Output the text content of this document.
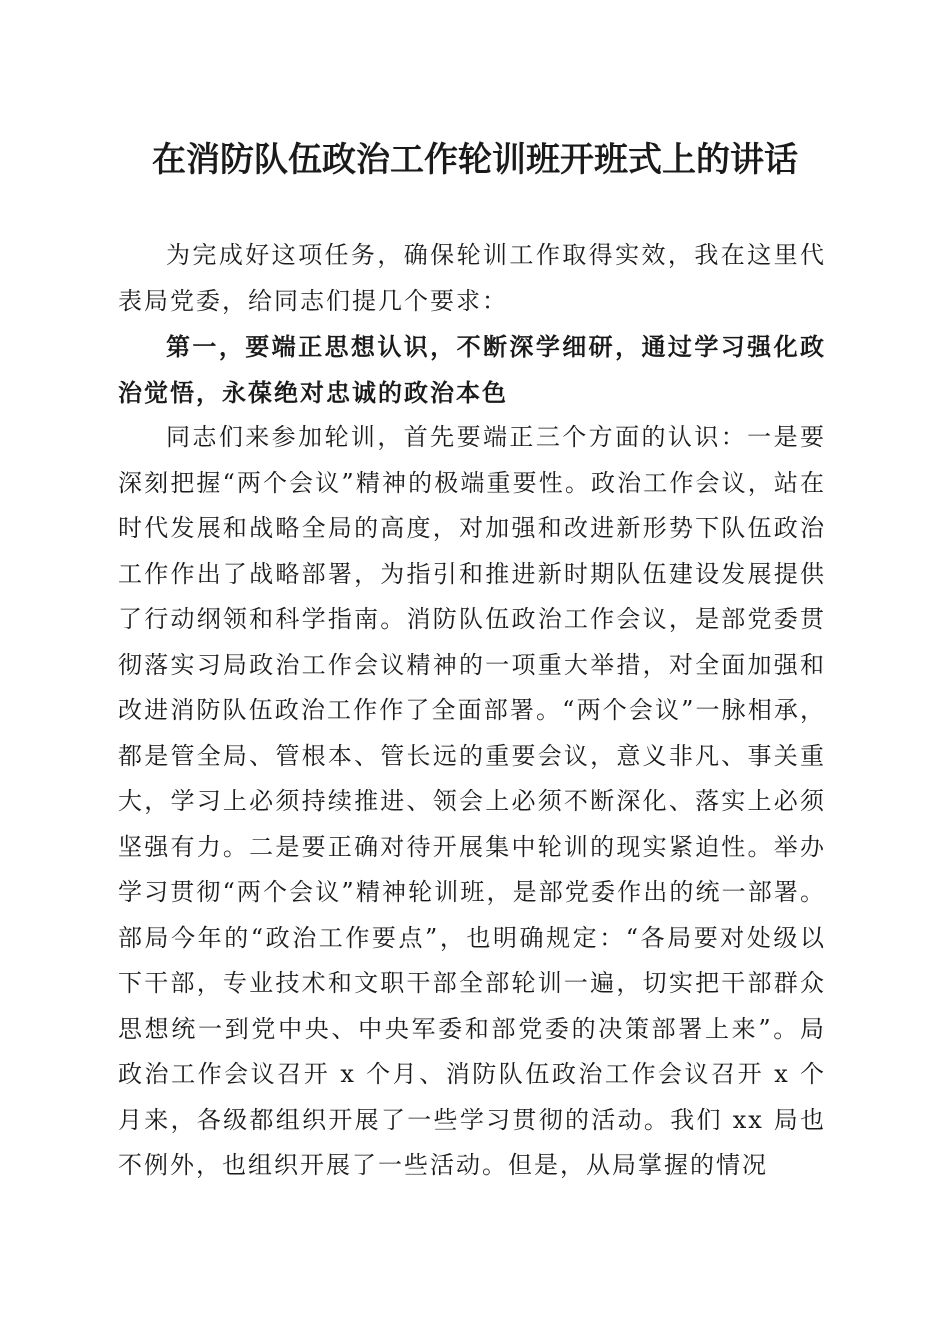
在消防队伍政治工作轮训班开班式上的讲话

为完成好这项任务，确保轮训工作取得实效，我在这里代表局党委，给同志们提几个要求：

第一，要端正思想认识，不断深学细研，通过学习强化政治觉悟，永葆绝对忠诚的政治本色

同志们来参加轮训，首先要端正三个方面的认识：一是要深刻把握“两个会议”精神的极端重要性。政治工作会议，站在时代发展和战略全局的高度，对加强和改进新形势下队伍政治工作作出了战略部署，为指引和推进新时期队伍建设发展提供了行动纲领和科学指南。消防队伍政治工作会议，是部党委贯彻落实习局政治工作会议精神的一项重大举措，对全面加强和改进消防队伍政治工作作了全面部署。“两个会议”一脉相承，都是管全局、管根本、管长远的重要会议，意义非凡、事关重大，学习上必须持续推进、领会上必须不断深化、落实上必须坚强有力。二是要正确对待开展集中轮训的现实紧迫性。举办学习贯彻“两个会议”精神轮训班，是部党委作出的统一部署。部局今年的“政治工作要点”，也明确规定：“各局要对处级以下干部，专业技术和文职干部全部轮训一遍，切实把干部群众思想统一到党中央、中央军委和部党委的决策部署上来”。局政治工作会议召开 x 个月、消防队伍政治工作会议召开 x 个月来，各级都组织开展了一些学习贯彻的活动。我们 xx 局也不例外，也组织开展了一些活动。但是，从局掌握的情况
